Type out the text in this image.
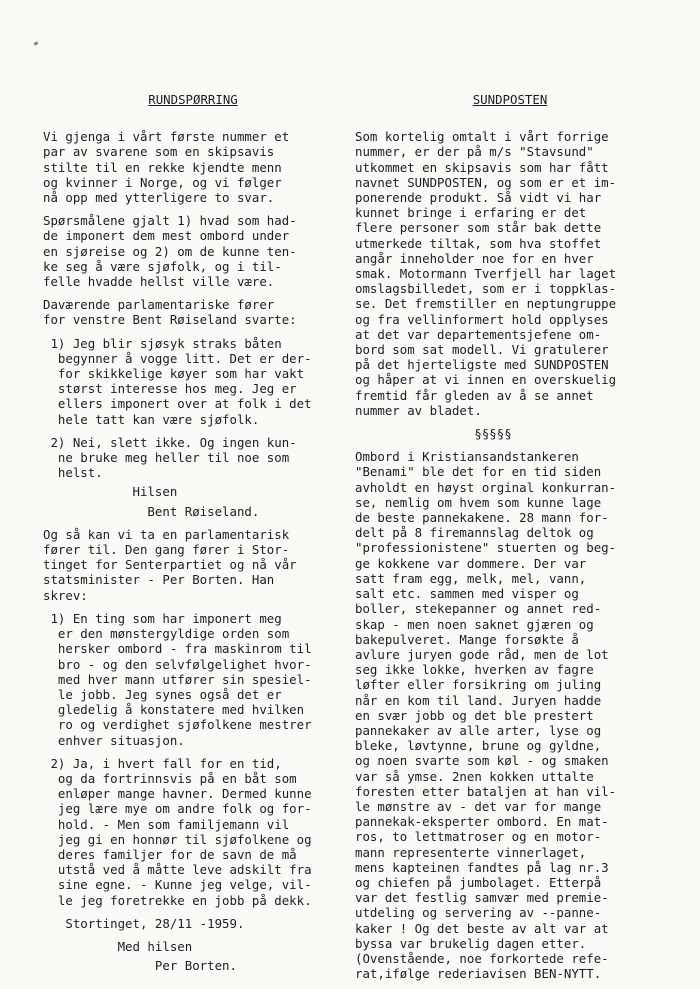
RUNDSPØRRING
Vi gjenga i vårt første nummer et
par av svarene som en skipsavis
stilte til en rekke kjendte menn
og kvinner i Norge, og vi følger
nå opp med ytterligere to svar.
Spørsmålene gjalt 1) hvad som had-
de imponert dem mest ombord under
en sjøreise og 2) om de kunne ten-
ke seg å være sjøfolk, og i til-
felle hvadde hellst ville være.
Daværende parlamentariske fører
for venstre Bent Røiseland svarte:
1) Jeg blir sjøsyk straks båten
begynner å vogge litt. Det er der-
for skikkelige køyer som har vakt
størst interesse hos meg. Jeg er
ellers imponert over at folk i det
hele tatt kan være sjøfolk.
2) Nei, slett ikke. Og ingen kun-
ne bruke meg heller til noe som
helst.
Hilsen
Bent Røiseland.
Og så kan vi ta en parlamentarisk
fører til. Den gang fører i Stor-
tinget for Senterpartiet og nå vår
statsminister - Per Borten. Han
skrev:
1) En ting som har imponert meg
er den mønstergyldige orden som
hersker ombord - fra maskinrom til
bro - og den selvfølgelighet hvor-
med hver mann utfører sin spesiel-
le jobb. Jeg synes også det er
gledelig å konstatere med hvilken
ro og verdighet sjøfolkene mestrer
enhver situasjon.
2) Ja, i hvert fall for en tid,
og da fortrinnsvis på en båt som
enløper mange havner. Dermed kunne
jeg lære mye om andre folk og for-
hold. - Men som familjemann vil
jeg gi en honnør til sjøfolkene og
deres familjer for de savn de må
utstå ved å måtte leve adskilt fra
sine egne. - Kunne jeg velge, vil-
le jeg foretrekke en jobb på dekk.
Stortinget, 28/11 -1959.
Med hilsen
Per Borten.
SUNDPOSTEN
Som kortelig omtalt i vårt forrige
nummer, er der på m/s "Stavsund"
utkommet en skipsavis som har fått
navnet SUNDPOSTEN, og som er et im-
ponerende produkt. Så vidt vi har
kunnet bringe i erfaring er det
flere personer som står bak dette
utmerkede tiltak, som hva stoffet
angår inneholder noe for en hver
smak. Motormann Tverfjell har laget
omslagsbilledet, som er i toppklas-
se. Det fremstiller en neptungruppe
og fra vellinformert hold opplyses
at det var departementsjefene om-
bord som sat modell. Vi gratulerer
på det hjerteligste med SUNDPOSTEN
og håper at vi innen en overskuelig
fremtid får gleden av å se annet
nummer av bladet.
§§§§§
Ombord i Kristiansandstankeren
"Benami" ble det for en tid siden
avholdt en høyst orginal konkurran-
se, nemlig om hvem som kunne lage
de beste pannekakene. 28 mann for-
delt på 8 firemannslag deltok og
"professionistene" stuerten og beg-
ge kokkene var dommere. Der var
satt fram egg, melk, mel, vann,
salt etc. sammen med visper og
boller, stekepanner og annet red-
skap - men noen saknet gjæren og
bakepulveret. Mange forsøkte å
avlure juryen gode råd, men de lot
seg ikke lokke, hverken av fagre
løfter eller forsikring om juling
når en kom til land. Juryen hadde
en svær jobb og det ble prestert
pannekaker av alle arter, lyse og
bleke, løvtynne, brune og gyldne,
og noen svarte som køl - og smaken
var så ymse. 2nen kokken uttalte
foresten etter bataljen at han vil-
le mønstre av - det var for mange
pannekak-eksperter ombord. En mat-
ros, to lettmatroser og en motor-
mann representerte vinnerlaget,
mens kapteinen fandtes på lag nr.3
og chiefen på jumbolaget. Etterpå
var det festlig samvær med premie-
utdeling og servering av --panne-
kaker ! Og det beste av alt var at
byssa var brukelig dagen etter.
(Ovenstående, noe forkortede refe-
rat,ifølge rederiavisen BEN-NYTT.
